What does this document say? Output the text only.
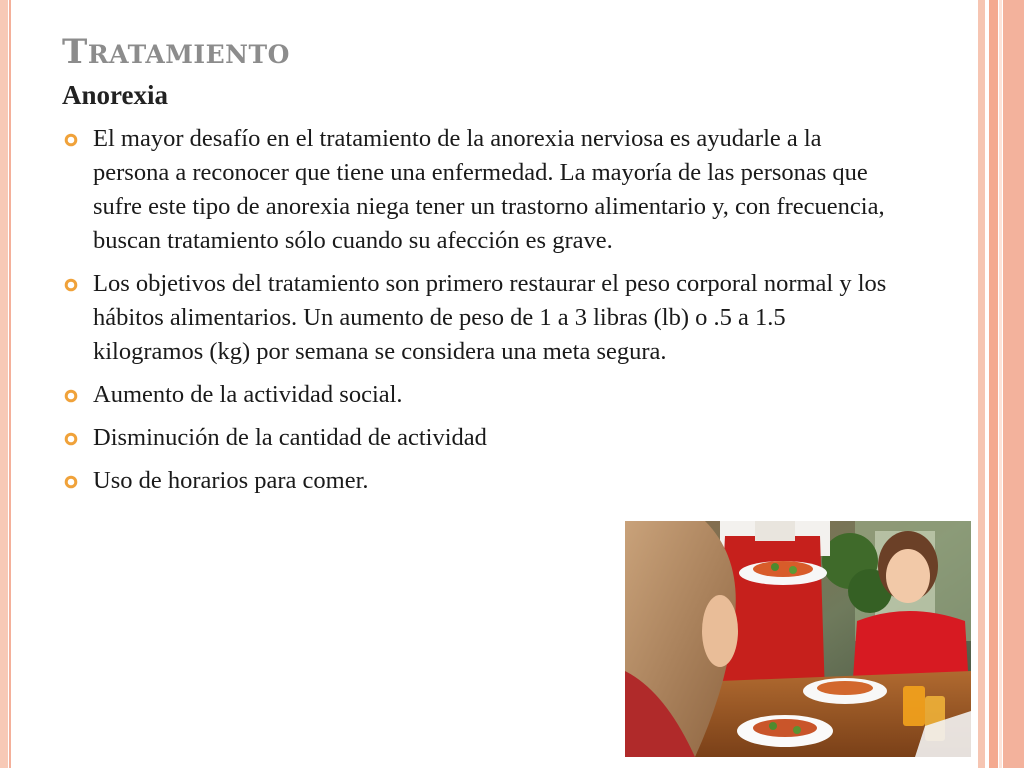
TRATAMIENTO
Anorexia
El mayor desafío en el tratamiento de la anorexia nerviosa es ayudarle a la persona a reconocer que tiene una enfermedad. La mayoría de las personas que sufre este tipo de anorexia niega tener un trastorno alimentario y, con frecuencia, buscan tratamiento sólo cuando su afección es grave.
Los objetivos del tratamiento son primero restaurar el peso corporal normal y los hábitos alimentarios. Un aumento de peso de 1 a 3 libras (lb) o .5 a 1.5 kilogramos (kg) por semana se considera una meta segura.
Aumento de la actividad social.
Disminución de la cantidad de actividad
Uso de horarios para comer.
